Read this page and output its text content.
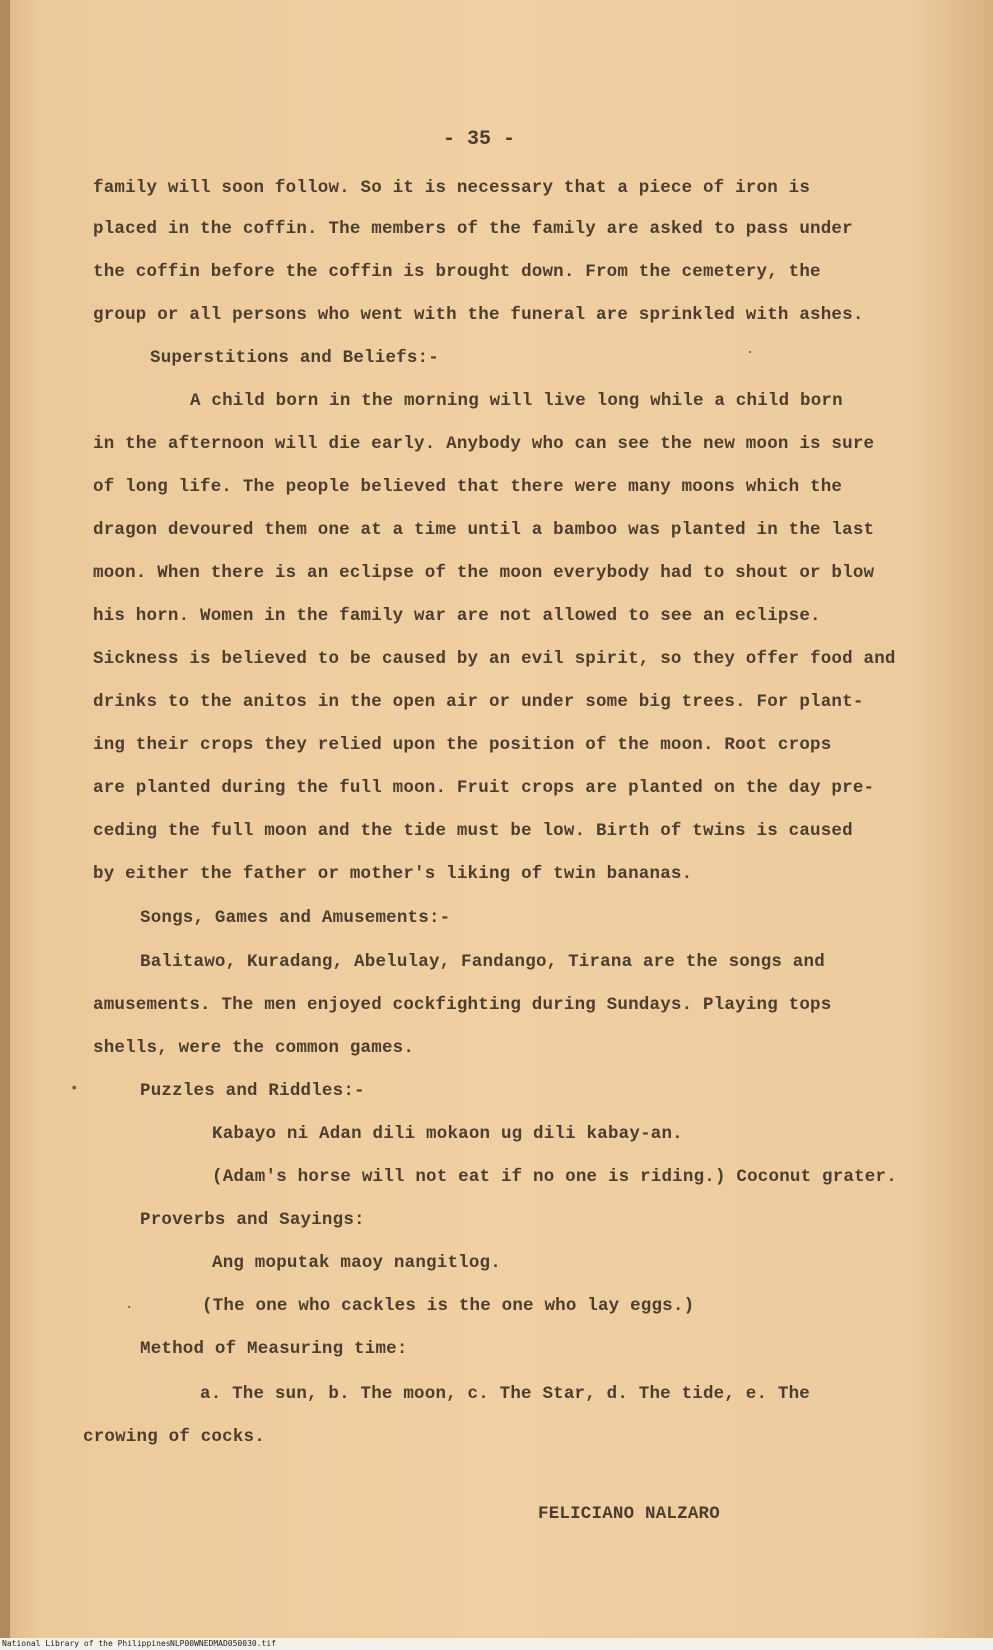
- 35 -
family will soon follow. So it is necessary that a piece of iron is
placed in the coffin. The members of the family are asked to pass under
the coffin before the coffin is brought down. From the cemetery, the
group or all persons who went with the funeral are sprinkled with ashes.
Superstitions and Beliefs:-
A child born in the morning will live long while a child born
in the afternoon will die early. Anybody who can see the new moon is sure
of long life. The people believed that there were many moons which the
dragon devoured them one at a time until a bamboo was planted in the last
moon. When there is an eclipse of the moon everybody had to shout or blow
his horn. Women in the family war are not allowed to see an eclipse.
Sickness is believed to be caused by an evil spirit, so they offer food and
drinks to the anitos in the open air or under some big trees. For plant-
ing their crops they relied upon the position of the moon. Root crops
are planted during the full moon. Fruit crops are planted on the day pre-
ceding the full moon and the tide must be low. Birth of twins is caused
by either the father or mother's liking of twin bananas.
Songs, Games and Amusements:-
Balitawo, Kuradang, Abelulay, Fandango, Tirana are the songs and
amusements. The men enjoyed cockfighting during Sundays. Playing tops
shells, were the common games.
Puzzles and Riddles:-
Kabayo ni Adan dili mokaon ug dili kabay-an.
(Adam's horse will not eat if no one is riding.) Coconut grater.
Proverbs and Sayings:
Ang moputak maoy nangitlog.
(The one who cackles is the one who lay eggs.)
Method of Measuring time:
a. The sun, b. The moon, c. The Star, d. The tide, e. The
crowing of cocks.
FELICIANO NALZARO
•
·
·
National Library of the Philippines NLP00WNEDMAD050030.tif
